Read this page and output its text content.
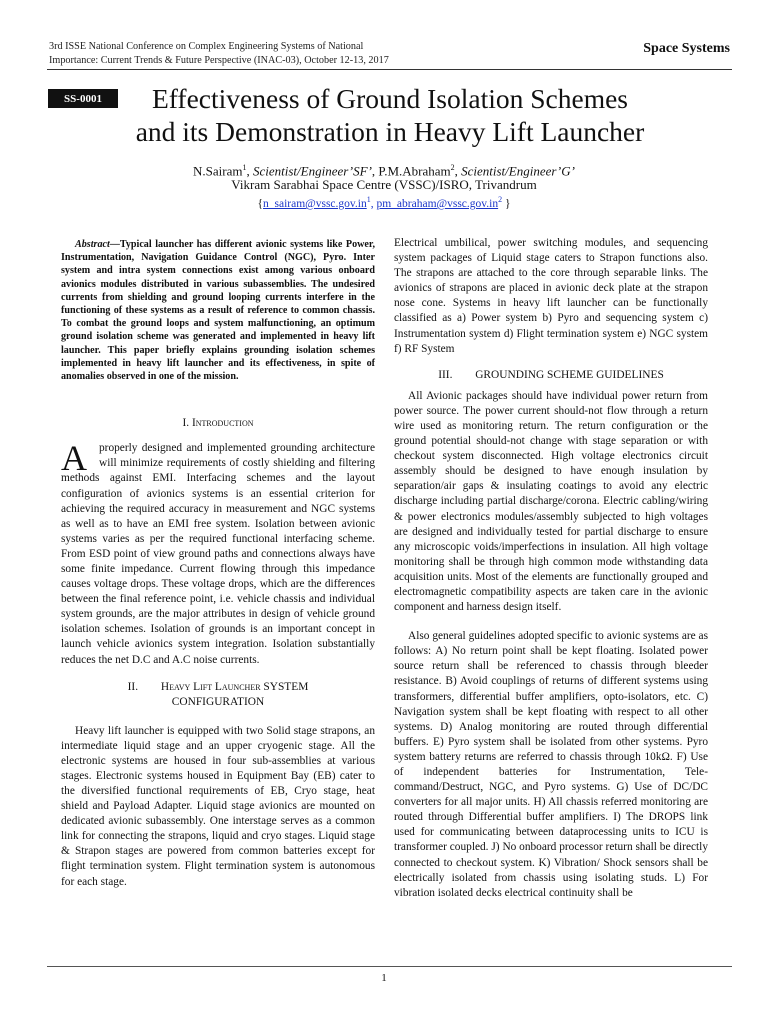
3rd ISSE National Conference on Complex Engineering Systems of National
Importance: Current Trends & Future Perspective (INAC-03), October 12-13, 2017
Space Systems
SS-0001	Effectiveness of Ground Isolation Schemes
and its Demonstration in Heavy Lift Launcher
N.Sairam$^1$, Scientist/Engineer’SF’, P.M.Abraham$^2$, Scientist/Engineer’G’
Vikram Sarabhai Space Centre (VSSC)/ISRO, Trivandrum
{$n\_sairam@vssc.gov.in^1$, $pm\_abraham@vssc.gov.in^2$ }

Abstract—Typical launcher has different avionic systems like Power, Instrumentation, Navigation Guidance Control (NGC), Pyro. Inter system and intra system connections exist among various onboard avionics modules distributed in various subassemblies. The undesired currents from shielding and ground looping currents interfere in the functioning of these systems as a result of reference to common chassis. To combat the ground loops and system malfunctioning, an optimum ground isolation scheme was generated and implemented in heavy lift launcher. This paper briefly explains grounding isolation schemes implemented in heavy lift launcher and its effectiveness, in spite of anomalies observed in one of the mission.

I. Introduction

A properly designed and implemented grounding architecture will minimize requirements of costly shielding and filtering methods against EMI. Interfacing schemes and the layout configuration of avionics systems is an essential criterion for achieving the required accuracy in measurement and NGC systems as well as to have an EMI free system. Isolation between avionic systems varies as per the required functional interfacing scheme. From ESD point of view ground paths and connections always have some finite impedance. Current flowing through this impedance causes voltage drops. These voltage drops, which are the differences between the final reference point, i.e. vehicle chassis and individual system grounds, are the major attributes in design of vehicle ground isolation schemes. Isolation of grounds is an important concept in launch vehicle avionics system integration. Isolation substantially reduces the net D.C and A.C noise currents.

II.        Heavy Lift Launcher SYSTEM
CONFIGURATION

Heavy lift launcher is equipped with two Solid stage strapons, an intermediate liquid stage and an upper cryogenic stage. All the electronic systems are housed in four sub-assemblies at various stages. Electronic systems housed in Equipment Bay (EB) cater to the diversified functional requirements of EB, Cryo stage, heat shield and Payload Adapter. Liquid stage avionics are mounted on dedicated avionic subassembly. One interstage serves as a common link for connecting the strapons, liquid and cryo stages. Liquid stage & Strapon stages are powered from common batteries except for flight termination system. Flight termination system is autonomous for each stage.

Electrical umbilical, power switching modules, and sequencing system packages of Liquid stage caters to Strapon functions also. The strapons are attached to the core through separable links. The avionics of strapons are placed in avionic deck plate at the strapon nose cone. Systems in heavy lift launcher can be functionally classified as a) Power system b) Pyro and sequencing system c) Instrumentation system d) Flight termination system e) NGC system f) RF System

III.        GROUNDING SCHEME GUIDELINES

All Avionic packages should have individual power return from power source. The power current should-not flow through a return wire used as monitoring return. The return configuration or the ground potential should-not change with stage separation or with checkout system disconnected. High voltage electronics circuit assembly should be designed to have enough insulation by separation/air gaps & insulating coatings to avoid any electric discharge including partial discharge/corona. Electric cabling/wiring & power electronics modules/assembly subjected to high voltages are designed and individually tested for partial discharge to ensure any microscopic voids/imperfections in insulation. All high voltage monitoring shall be through high common mode withstanding data acquisition units. Most of the elements are functionally grouped and electromagnetic compatibility aspects are taken care in the avionic component and harness design itself.

Also general guidelines adopted specific to avionic systems are as follows: A) No return point shall be kept floating. Isolated power source return shall be referenced to chassis through bleeder resistance. B) Avoid couplings of returns of different systems using transformers, differential buffer amplifiers, opto-isolators, etc. C) Navigation system shall be kept floating with respect to all other systems. D) Analog monitoring are routed through differential buffers. E) Pyro system shall be isolated from other systems. Pyro system battery returns are referred to chassis through 10kΩ. F) Use of independent batteries for Instrumentation, Tele-command/Destruct, NGC, and Pyro systems. G) Use of DC/DC converters for all major units. H) All chassis referred monitoring are routed through Differential buffer amplifiers. I) The DROPS link used for communicating between dataprocessing units to ICU is transformer coupled. J) No onboard processor return shall be directly connected to checkout system. K) Vibration/ Shock sensors shall be electrically isolated from chassis using isolating studs. L) For vibration isolated decks electrical continuity shall be

1
